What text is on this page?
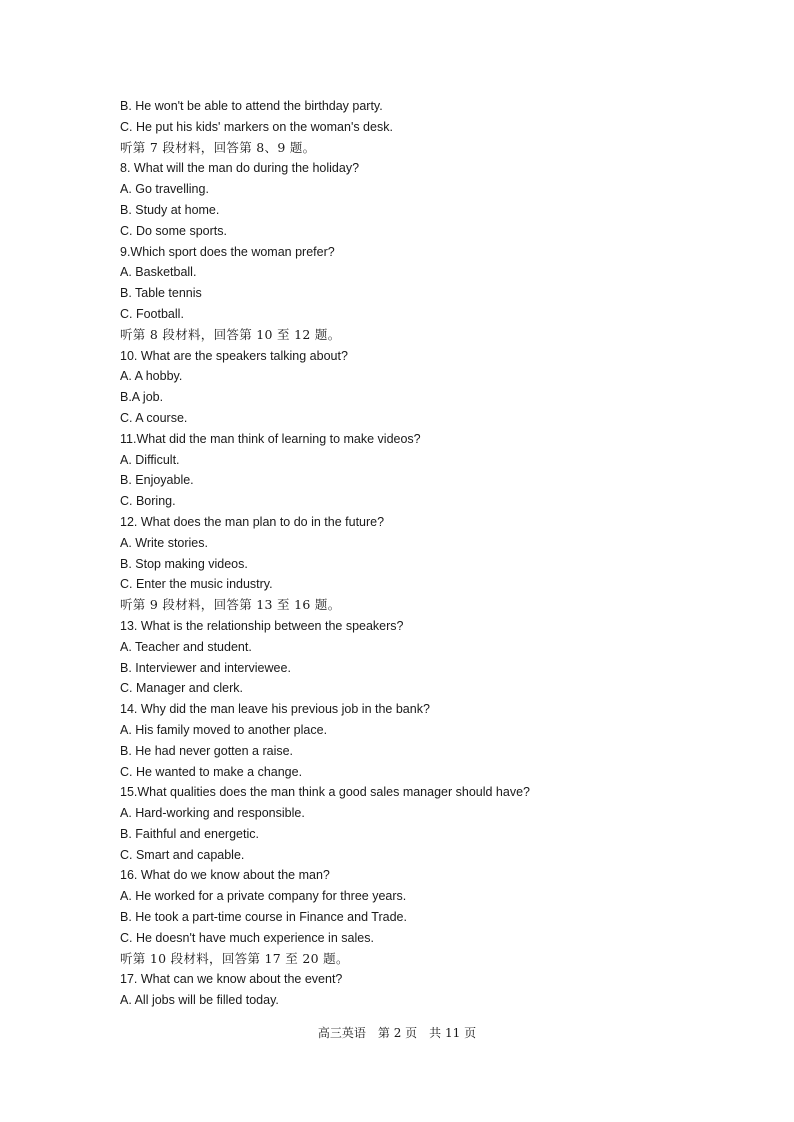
B. He won't be able to attend the birthday party.
C. He put his kids' markers on the woman's desk.
听第 7 段材料，回答第 8、9 题。
8. What will the man do during the holiday?
A. Go travelling.
B. Study at home.
C. Do some sports.
9.Which sport does the woman prefer?
A. Basketball.
B. Table tennis
C. Football.
听第 8 段材料，回答第 10 至 12 题。
10. What are the speakers talking about?
A. A hobby.
B.A job.
C. A course.
11.What did the man think of learning to make videos?
A. Difficult.
B. Enjoyable.
C. Boring.
12. What does the man plan to do in the future?
A. Write stories.
B. Stop making videos.
C. Enter the music industry.
听第 9 段材料，回答第 13 至 16 题。
13. What is the relationship between the speakers?
A. Teacher and student.
B. Interviewer and interviewee.
C. Manager and clerk.
14. Why did the man leave his previous job in the bank?
A. His family moved to another place.
B. He had never gotten a raise.
C. He wanted to make a change.
15.What qualities does the man think a good sales manager should have?
A. Hard-working and responsible.
B. Faithful and energetic.
C. Smart and capable.
16. What do we know about the man?
A. He worked for a private company for three years.
B. He took a part-time course in Finance and Trade.
C. He doesn't have much experience in sales.
听第 10 段材料，回答第 17 至 20 题。
17. What can we know about the event?
A. All jobs will be filled today.
高三英语　第 2 页　共 11 页
